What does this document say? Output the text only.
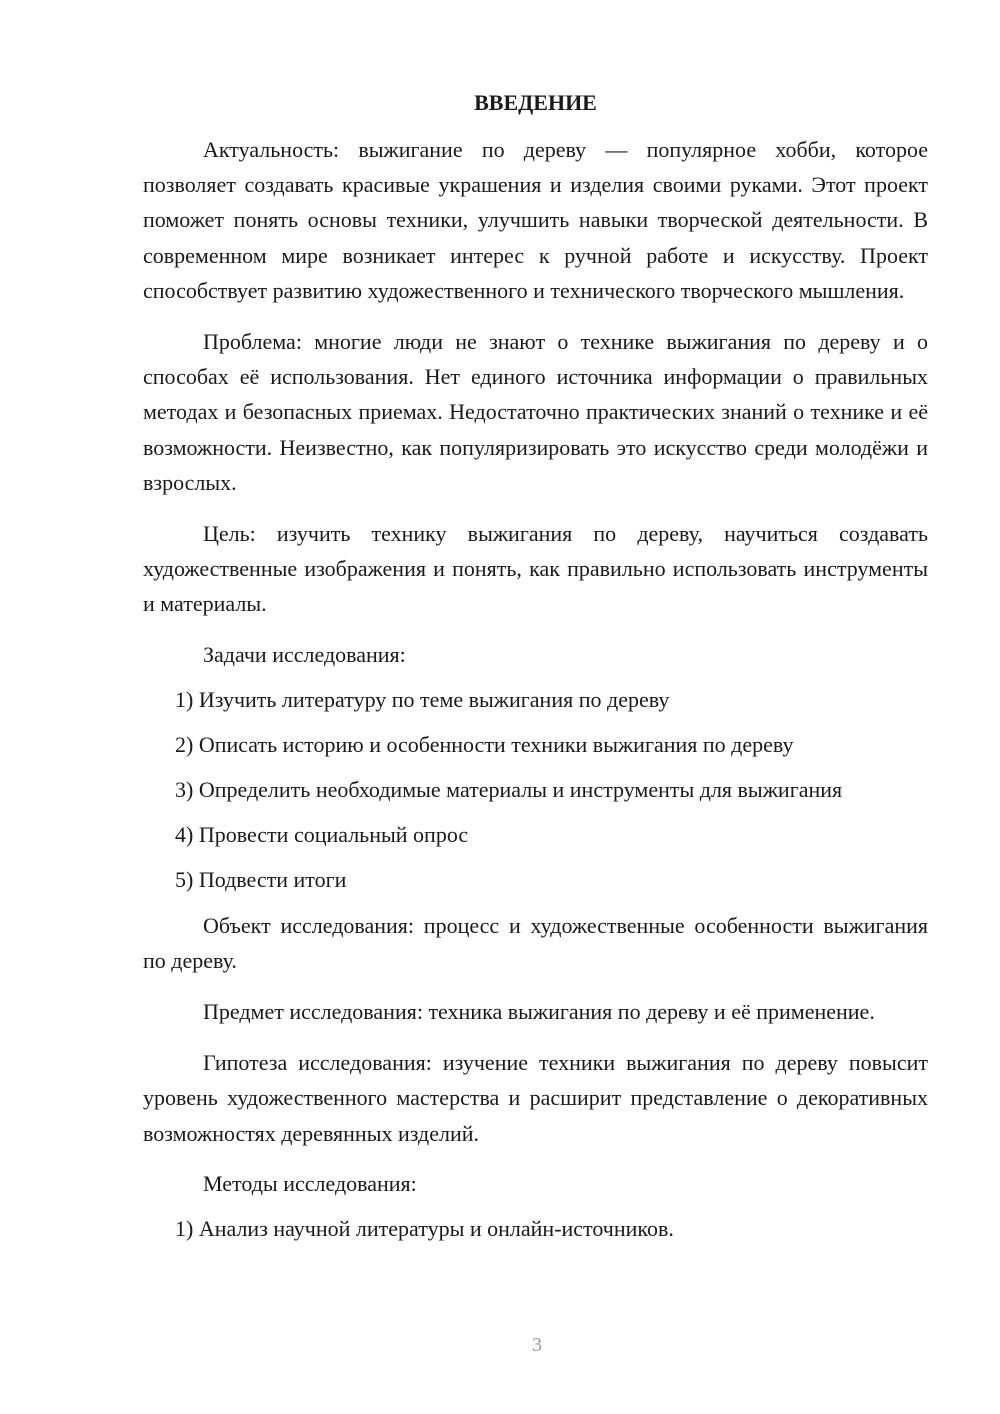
ВВЕДЕНИЕ

Актуальность: выжигание по дереву — популярное хобби, которое позволяет создавать красивые украшения и изделия своими руками. Этот проект поможет понять основы техники, улучшить навыки творческой деятельности. В современном мире возникает интерес к ручной работе и искусству. Проект способствует развитию художественного и технического творческого мышления.

Проблема: многие люди не знают о технике выжигания по дереву и о способах её использования. Нет единого источника информации о правильных методах и безопасных приемах. Недостаточно практических знаний о технике и её возможности. Неизвестно, как популяризировать это искусство среди молодёжи и взрослых.

Цель: изучить технику выжигания по дереву, научиться создавать художественные изображения и понять, как правильно использовать инструменты и материалы.

Задачи исследования:
1) Изучить литературу по теме выжигания по дереву
2) Описать историю и особенности техники выжигания по дереву
3) Определить необходимые материалы и инструменты для выжигания
4) Провести социальный опрос
5) Подвести итоги

Объект исследования: процесс и художественные особенности выжигания по дереву.

Предмет исследования: техника выжигания по дереву и её применение.

Гипотеза исследования: изучение техники выжигания по дереву повысит уровень художественного мастерства и расширит представление о декоративных возможностях деревянных изделий.

Методы исследования:
1) Анализ научной литературы и онлайн-источников.
3
